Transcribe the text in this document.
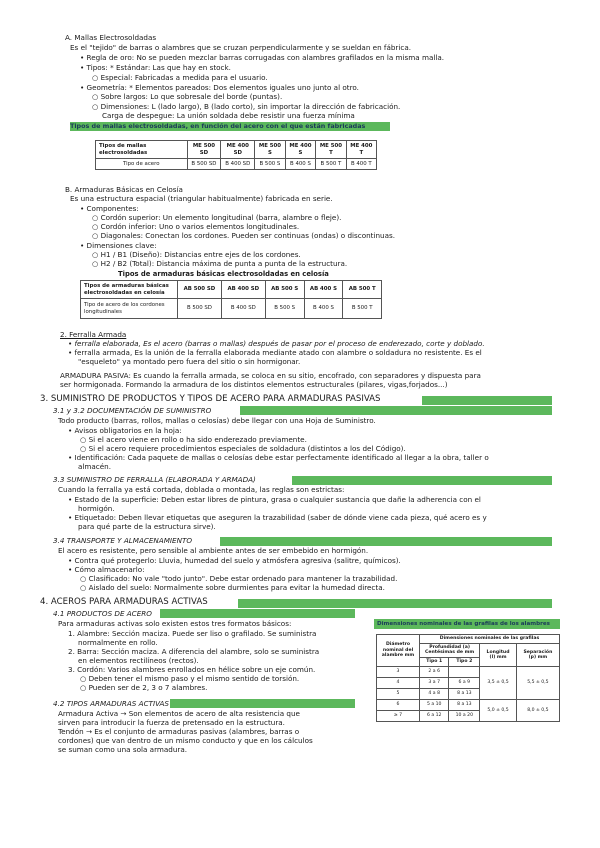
A. Mallas Electrosoldadas
Es el "tejido" de barras o alambres que se cruzan perpendicularmente y se sueldan en fábrica.
• Regla de oro: No se pueden mezclar barras corrugadas con alambres grafilados en la misma malla.
• Tipos: * Estándar: Las que hay en stock.
○ Especial: Fabricadas a medida para el usuario.
• Geometría: * Elementos pareados: Dos elementos iguales uno junto al otro.
○ Sobre largos: Lo que sobresale del borde (puntas).
○ Dimensiones: L (lado largo), B (lado corto), sin importar la dirección de fabricación.
Carga de despegue: La unión soldada debe resistir una fuerza mínima
Tipos de mallas electrosoldadas, en función del acero con el que están fabricadas
Tipos de mallas electrosoldadas	ME 500 SD	ME 400 SD	ME 500 S	ME 400 S	ME 500 T	ME 400 T
Tipo de acero	B 500 SD	B 400 SD	B 500 S	B 400 S	B 500 T	B 400 T
B. Armaduras Básicas en Celosía
Es una estructura espacial (triangular habitualmente) fabricada en serie.
• Componentes:
○ Cordón superior: Un elemento longitudinal (barra, alambre o fleje).
○ Cordón inferior: Uno o varios elementos longitudinales.
○ Diagonales: Conectan los cordones. Pueden ser continuas (ondas) o discontinuas.
• Dimensiones clave:
○ H1 / B1 (Diseño): Distancias entre ejes de los cordones.
○ H2 / B2 (Total): Distancia máxima de punta a punta de la estructura.
Tipos de armaduras básicas electrosoldadas en celosía
Tipos de armaduras básicas electrosoldadas en celosía	AB 500 SD	AB 400 SD	AB 500 S	AB 400 S	AB 500 T
Tipo de acero de los cordones longitudinales	B 500 SD	B 400 SD	B 500 S	B 400 S	B 500 T
2. Ferralla Armada
• ferralla elaborada, Es el acero (barras o mallas) después de pasar por el proceso de enderezado, corte y doblado.
• ferralla armada, Es la unión de la ferralla elaborada mediante atado con alambre o soldadura no resistente. Es el
"esqueleto" ya montado pero fuera del sitio o sin hormigonar.
ARMADURA PASIVA: Es cuando la ferralla armada, se coloca en su sitio, encofrado, con separadores y dispuesta para
ser hormigonada. Formando la armadura de los distintos elementos estructurales (pilares, vigas,forjados...)
3. SUMINISTRO DE PRODUCTOS Y TIPOS DE ACERO PARA ARMADURAS PASIVAS
3.1 y 3.2 DOCUMENTACIÓN DE SUMINISTRO
Todo producto (barras, rollos, mallas o celosías) debe llegar con una Hoja de Suministro.
• Avisos obligatorios en la hoja:
○ Si el acero viene en rollo o ha sido enderezado previamente.
○ Si el acero requiere procedimientos especiales de soldadura (distintos a los del Código).
• Identificación: Cada paquete de mallas o celosías debe estar perfectamente identificado al llegar a la obra, taller o
almacén.
3.3 SUMINISTRO DE FERRALLA (ELABORADA Y ARMADA)
Cuando la ferralla ya está cortada, doblada o montada, las reglas son estrictas:
• Estado de la superficie: Deben estar libres de pintura, grasa o cualquier sustancia que dañe la adherencia con el
hormigón.
• Etiquetado: Deben llevar etiquetas que aseguren la trazabilidad (saber de dónde viene cada pieza, qué acero es y
para qué parte de la estructura sirve).
3.4 TRANSPORTE Y ALMACENAMIENTO
El acero es resistente, pero sensible al ambiente antes de ser embebido en hormigón.
• Contra qué protegerlo: Lluvia, humedad del suelo y atmósfera agresiva (salitre, químicos).
• Cómo almacenarlo:
○ Clasificado: No vale "todo junto". Debe estar ordenado para mantener la trazabilidad.
○ Aislado del suelo: Normalmente sobre durmientes para evitar la humedad directa.
4. ACEROS PARA ARMADURAS ACTIVAS
4.1 PRODUCTOS DE ACERO
Para armaduras activas solo existen estos tres formatos básicos:
1. Alambre: Sección maciza. Puede ser liso o grafilado. Se suministra
normalmente en rollo.
2. Barra: Sección maciza. A diferencia del alambre, solo se suministra
en elementos rectilíneos (rectos).
3. Cordón: Varios alambres enrollados en hélice sobre un eje común.
○ Deben tener el mismo paso y el mismo sentido de torsión.
○ Pueden ser de 2, 3 o 7 alambres.
4.2 TIPOS ARMADURAS ACTIVAS
Armadura Activa → Son elementos de acero de alta resistencia que
sirven para introducir la fuerza de pretensado en la estructura.
Tendón → Es el conjunto de armaduras pasivas (alambres, barras o
cordones) que van dentro de un mismo conducto y que en los cálculos
se suman como una sola armadura.
Dimensiones nominales de las grafilas de los alambres
Diámetro nominal del alambre mm	Dimensiones nominales de las grafilas			
	Profundidad (a) Centésimas de mm		Longitud (l) mm	Separación (p) mm
	Tipo 1	Tipo 2		
3	2 a 6		3,5 ± 0,5	5,5 ± 0,5
4	3 a 7	6 a 9		
5	4 a 8	8 a 13		
6	5 a 10	8 a 13	5,0 ± 0,5	8,0 ± 0,5
≥ 7	6 a 12	10 a 20		
